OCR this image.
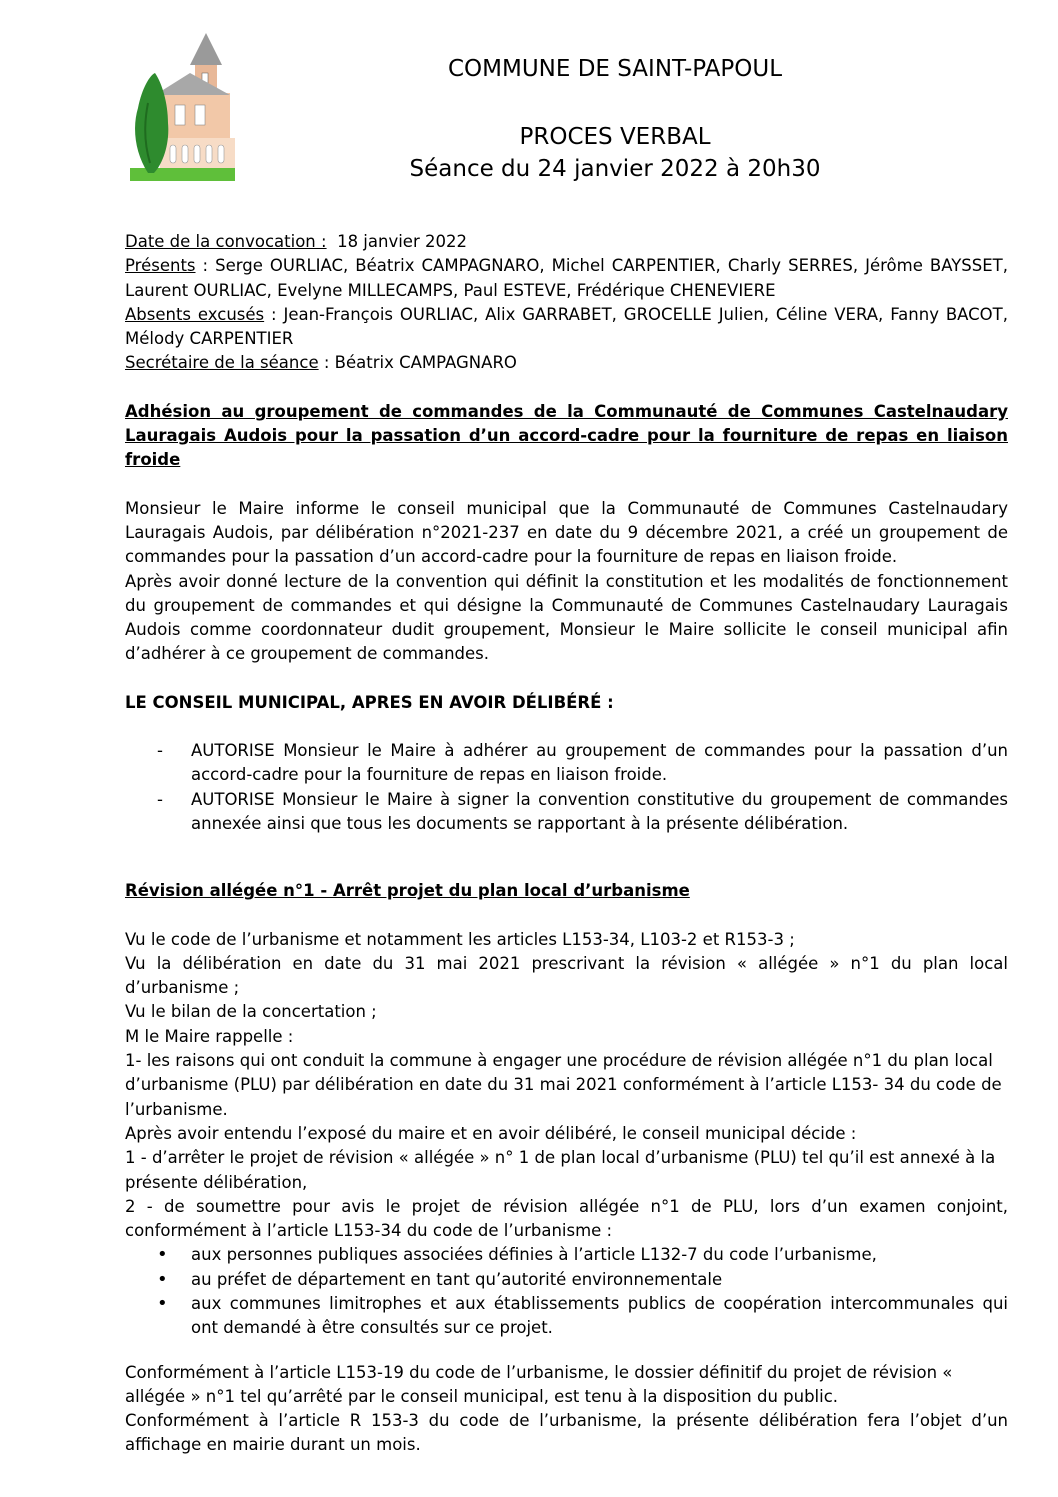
COMMUNE DE SAINT-PAPOUL
PROCES VERBAL
Séance du 24 janvier 2022 à 20h30
Date de la convocation :  18 janvier 2022
Présents : Serge OURLIAC, Béatrix CAMPAGNARO, Michel CARPENTIER, Charly SERRES, Jérôme BAYSSET, Laurent OURLIAC, Evelyne MILLECAMPS, Paul ESTEVE, Frédérique CHENEVIERE
Absents excusés : Jean-François OURLIAC, Alix GARRABET, GROCELLE Julien, Céline VERA, Fanny BACOT, Mélody CARPENTIER
Secrétaire de la séance : Béatrix CAMPAGNARO
Adhésion au groupement de commandes de la Communauté de Communes Castelnaudary Lauragais Audois pour la passation d’un accord-cadre pour la fourniture de repas en liaison froide
Monsieur le Maire informe le conseil municipal que la Communauté de Communes Castelnaudary Lauragais Audois, par délibération n°2021-237 en date du 9 décembre 2021, a créé un groupement de commandes pour la passation d’un accord-cadre pour la fourniture de repas en liaison froide.
Après avoir donné lecture de la convention qui définit la constitution et les modalités de fonctionnement du groupement de commandes et qui désigne la Communauté de Communes Castelnaudary Lauragais Audois comme coordonnateur dudit groupement, Monsieur le Maire sollicite le conseil municipal afin d’adhérer à ce groupement de commandes.
LE CONSEIL MUNICIPAL, APRES EN AVOIR DÉLIBÉRÉ :
- AUTORISE Monsieur le Maire à adhérer au groupement de commandes pour la passation d’un accord-cadre pour la fourniture de repas en liaison froide.
- AUTORISE Monsieur le Maire à signer la convention constitutive du groupement de commandes annexée ainsi que tous les documents se rapportant à la présente délibération.
Révision allégée n°1 - Arrêt projet du plan local d’urbanisme
Vu le code de l’urbanisme et notamment les articles L153-34, L103-2 et R153-3 ;
Vu la délibération en date du 31 mai 2021 prescrivant la révision « allégée » n°1 du plan local d’urbanisme ;
Vu le bilan de la concertation ;
M le Maire rappelle :
1- les raisons qui ont conduit la commune à engager une procédure de révision allégée n°1 du plan local d’urbanisme (PLU) par délibération en date du 31 mai 2021 conformément à l’article L153- 34 du code de l’urbanisme.
Après avoir entendu l’exposé du maire et en avoir délibéré, le conseil municipal décide :
1 - d’arrêter le projet de révision « allégée » n° 1 de plan local d’urbanisme (PLU) tel qu’il est annexé à la présente délibération,
2 - de soumettre pour avis le projet de révision allégée n°1 de PLU, lors d’un examen conjoint, conformément à l’article L153-34 du code de l’urbanisme :
• aux personnes publiques associées définies à l’article L132-7 du code l’urbanisme,
• au préfet de département en tant qu’autorité environnementale
• aux communes limitrophes et aux établissements publics de coopération intercommunales qui ont demandé à être consultés sur ce projet.
Conformément à l’article L153-19 du code de l’urbanisme, le dossier définitif du projet de révision « allégée » n°1 tel qu’arrêté par le conseil municipal, est tenu à la disposition du public.
Conformément à l’article R 153-3 du code de l’urbanisme, la présente délibération fera l’objet d’un affichage en mairie durant un mois.
